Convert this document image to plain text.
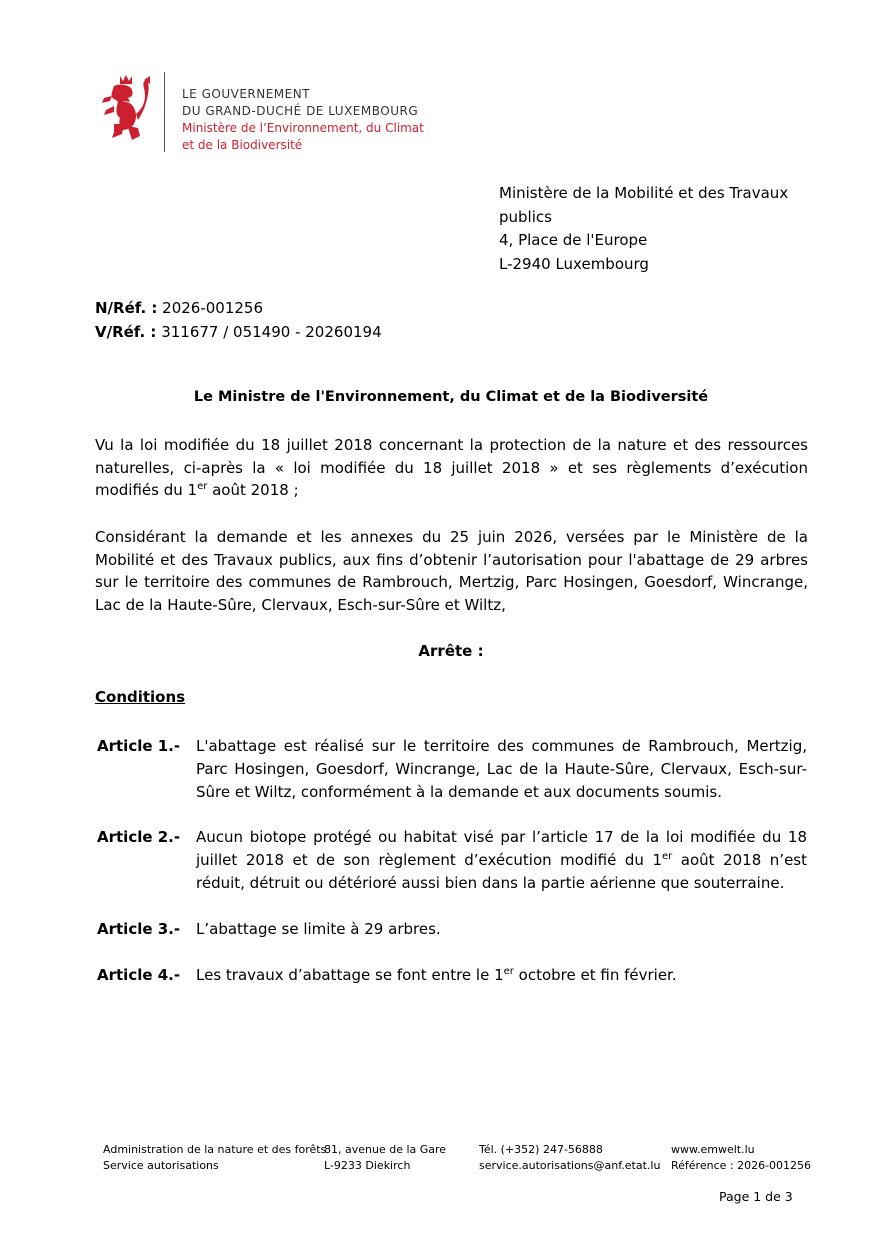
LE GOUVERNEMENT
DU GRAND-DUCHÉ DE LUXEMBOURG
Ministère de l’Environnement, du Climat
et de la Biodiversité
Ministère de la Mobilité et des Travaux
publics
4, Place de l'Europe
L-2940 Luxembourg
N/Réf. : 2026-001256
V/Réf. : 311677 / 051490 - 20260194
Le Ministre de l'Environnement, du Climat et de la Biodiversité
Vu la loi modifiée du 18 juillet 2018 concernant la protection de la nature et des ressources naturelles, ci-après la « loi modifiée du 18 juillet 2018 » et ses règlements d’exécution modifiés du 1er août 2018 ;
Considérant la demande et les annexes du 25 juin 2026, versées par le Ministère de la Mobilité et des Travaux publics, aux fins d’obtenir l’autorisation pour l'abattage de 29 arbres sur le territoire des communes de Rambrouch, Mertzig, Parc Hosingen, Goesdorf, Wincrange, Lac de la Haute-Sûre, Clervaux, Esch-sur-Sûre et Wiltz,
Arrête :
Conditions
Article 1.- L'abattage est réalisé sur le territoire des communes de Rambrouch, Mertzig, Parc Hosingen, Goesdorf, Wincrange, Lac de la Haute-Sûre, Clervaux, Esch-sur-Sûre et Wiltz, conformément à la demande et aux documents soumis.
Article 2.- Aucun biotope protégé ou habitat visé par l’article 17 de la loi modifiée du 18 juillet 2018 et de son règlement d’exécution modifié du 1er août 2018 n’est réduit, détruit ou détérioré aussi bien dans la partie aérienne que souterraine.
Article 3.- L’abattage se limite à 29 arbres.
Article 4.- Les travaux d’abattage se font entre le 1er octobre et fin février.
Administration de la nature et des forêts
Service autorisations
81, avenue de la Gare
L-9233 Diekirch
Tél. (+352) 247-56888
service.autorisations@anf.etat.lu
www.emwelt.lu
Référence : 2026-001256
Page 1 de 3
